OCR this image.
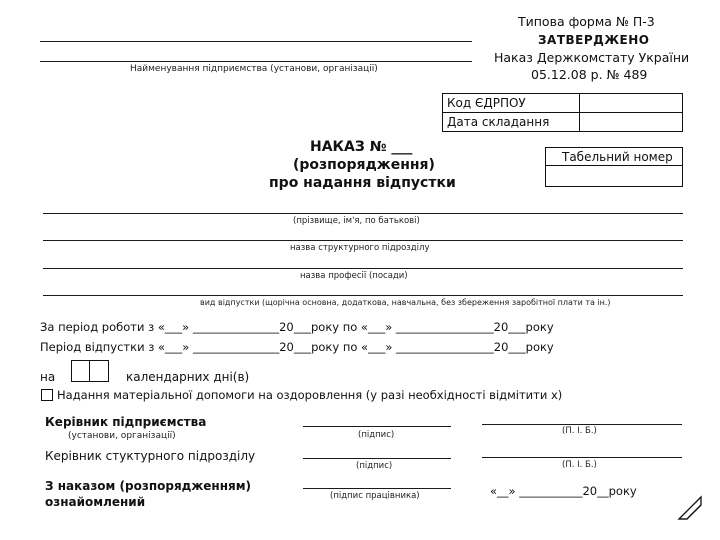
Найменування підприємства (установи, організації)
Типова форма № П-3
ЗАТВЕРДЖЕНО
Наказ Держкомстату України
05.12.08 р. № 489
Код ЄДРПОУ
Дата складання
Табельний номер
НАКАЗ № ___
(розпорядження)
про надання відпустки
(прізвище, ім'я, по батькові)
назва структурного підрозділу
назва професії (посади)
вид відпустки (щорічна основна, додаткова, навчальна, без збереження заробітної плати та ін.)
За період роботи з «___» _______________20___року по «___» _________________20___року
Період відпустки з «___» _______________20___року по «___» _________________20___року
на	календарних дні(в)
Надання матеріальної допомоги на оздоровлення (у разі необхідності відмітити х)
Керівник підприємства
(установи, організації)	(підпис)	(П. І. Б.)
Керівник стуктурного підрозділу
(підпис)	(П. І. Б.)
З наказом (розпорядженням)
ознайомлений	(підпис працівника)	«__» ___________20__року
